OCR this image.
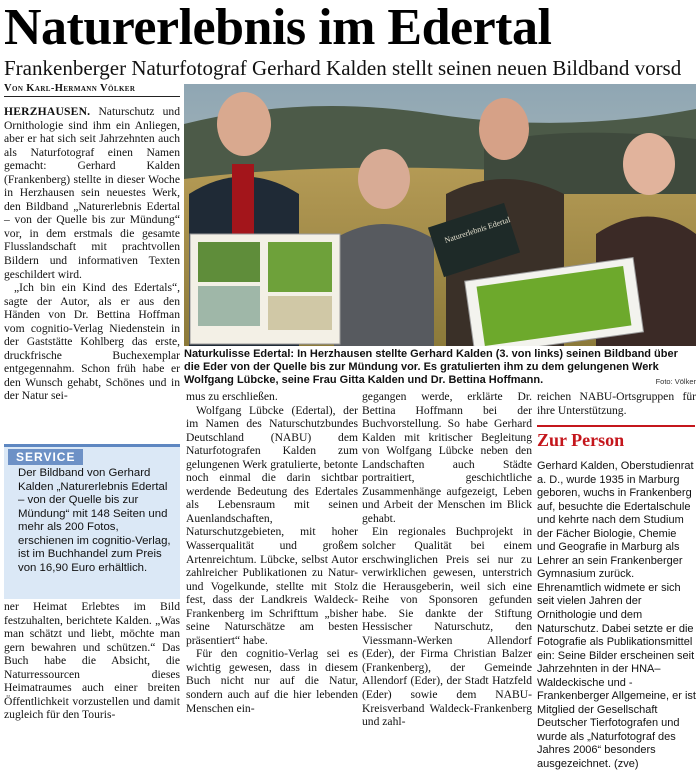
Naturerlebnis im Edertal
Frankenberger Naturfotograf Gerhard Kalden stellt seinen neuen Bildband vorsd
Von Karl-Hermann Völker

HERZHAUSEN. Naturschutz und Ornithologie sind ihm ein Anliegen, aber er hat sich seit Jahrzehnten auch als Naturfotograf einen Namen gemacht: Gerhard Kalden (Frankenberg) stellte in dieser Woche in Herzhausen sein neuestes Werk, den Bildband „Naturerlebnis Edertal – von der Quelle bis zur Mündung“ vor, in dem erstmals die gesamte Flusslandschaft mit prachtvollen Bildern und informativen Texten geschildert wird.

„Ich bin ein Kind des Edertals“, sagte der Autor, als er aus den Händen von Dr. Bettina Hoffman vom cognitio-Verlag Niedenstein in der Gaststätte Kohlberg das erste, druckfrische Buchexemplar entgegennahm. Schon früh habe er den Wunsch gehabt, Schönes und in der Natur sei-

SERVICE
Der Bildband von Gerhard Kalden „Naturerlebnis Edertal – von der Quelle bis zur Mündung“ mit 148 Seiten und mehr als 200 Fotos, erschienen im cognitio-Verlag, ist im Buchhandel zum Preis von 16,90 Euro erhältlich.

ner Heimat Erlebtes im Bild festzuhalten, berichtete Kalden. „Was man schätzt und liebt, möchte man gern bewahren und schützen.“ Das Buch habe die Absicht, die Naturressourcen dieses Heimatraumes auch einer breiten Öffentlichkeit vorzustellen und damit zugleich für den Touris-

Naturerlebnis Edertal
Naturkulisse Edertal: In Herzhausen stellte Gerhard Kalden (3. von links) seinen Bildband über die Eder von der Quelle bis zur Mündung vor. Es gratulierten ihm zu dem gelungenen Werk Wolfgang Lübcke, seine Frau Gitta Kalden und Dr. Bettina Hoffmann.	Foto: Völker

mus zu erschließen.

Wolfgang Lübcke (Edertal), der im Namen des Naturschutzbundes Deutschland (NABU) dem Naturfotografen Kalden zum gelungenen Werk gratulierte, betonte noch einmal die darin sichtbar werdende Bedeutung des Edertales als Lebensraum mit seinen Auenlandschaften, Naturschutzgebieten, mit hoher Wasserqualität und großem Artenreichtum. Lübcke, selbst Autor zahlreicher Publikationen zu Natur- und Vogelkunde, stellte mit Stolz fest, dass der Landkreis Waldeck-Frankenberg im Schrifttum „bisher seine Naturschätze am besten präsentiert“ habe.

Für den cognitio-Verlag sei es wichtig gewesen, dass in diesem Buch nicht nur auf die Natur, sondern auch auf die hier lebenden Menschen ein-

gegangen werde, erklärte Dr. Bettina Hoffmann bei der Buchvorstellung. So habe Gerhard Kalden mit kritischer Begleitung von Wolfgang Lübcke neben den Landschaften auch Städte portraitiert, geschichtliche Zusammenhänge aufgezeigt, Leben und Arbeit der Menschen im Blick gehabt.

Ein regionales Buchprojekt in solcher Qualität bei einem erschwinglichen Preis sei nur zu verwirklichen gewesen, unterstrich die Herausgeberin, weil sich eine Reihe von Sponsoren gefunden habe. Sie dankte der Stiftung Hessischer Naturschutz, den Viessmann-Werken Allendorf (Eder), der Firma Christian Balzer (Frankenberg), der Gemeinde Allendorf (Eder), der Stadt Hatzfeld (Eder) sowie dem NABU-Kreisverband Waldeck-Frankenberg und zahl-

reichen NABU-Ortsgruppen für ihre Unterstützung.

Zur Person
Gerhard Kalden, Oberstudienrat a. D., wurde 1935 in Marburg geboren, wuchs in Frankenberg auf, besuchte die Edertalschule und kehrte nach dem Studium der Fächer Biologie, Chemie und Geografie in Marburg als Lehrer an sein Frankenberger Gymnasium zurück. Ehrenamtlich widmete er sich seit vielen Jahren der Ornithologie und dem Naturschutz. Dabei setzte er die Fotografie als Publikationsmittel ein: Seine Bilder erscheinen seit Jahrzehnten in der HNA–Waldeckische und -Frankenberger Allgemeine, er ist Mitglied der Gesellschaft Deutscher Tierfotografen und wurde als „Naturfotograf des Jahres 2006“ besonders ausgezeichnet. (zve)
